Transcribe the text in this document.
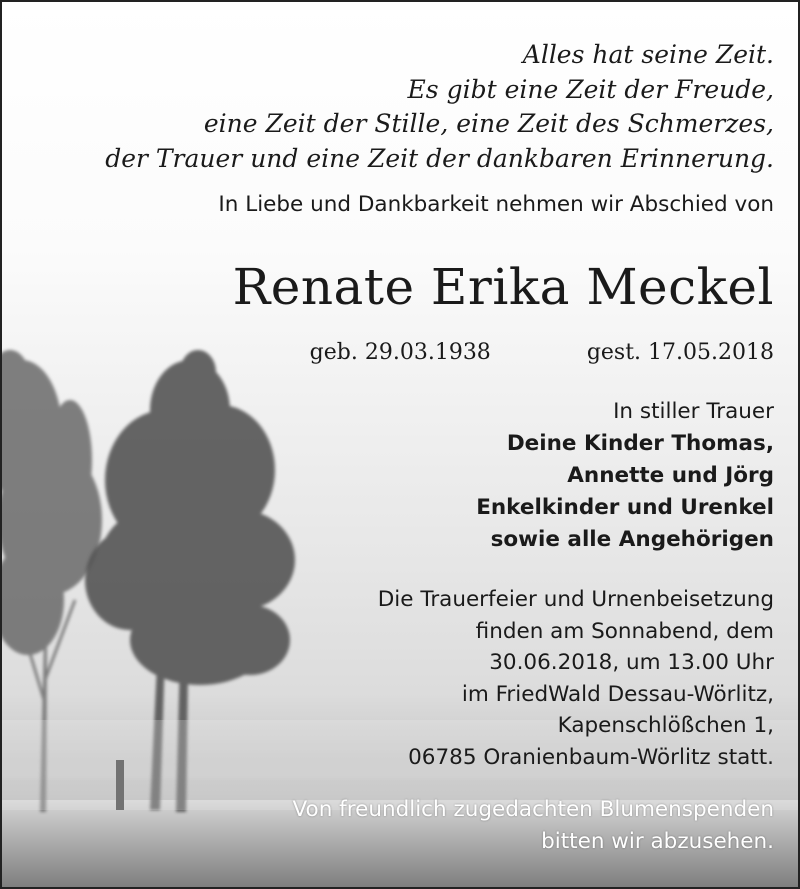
Alles hat seine Zeit.
Es gibt eine Zeit der Freude,
eine Zeit der Stille, eine Zeit des Schmerzes,
der Trauer und eine Zeit der dankbaren Erinnerung.
In Liebe und Dankbarkeit nehmen wir Abschied von
Renate Erika Meckel
geb. 29.03.1938	gest. 17.05.2018
In stiller Trauer
Deine Kinder Thomas,
Annette und Jörg
Enkelkinder und Urenkel
sowie alle Angehörigen
Die Trauerfeier und Urnenbeisetzung
finden am Sonnabend, dem
30.06.2018, um 13.00 Uhr
im FriedWald Dessau-Wörlitz,
Kapenschlößchen 1,
06785 Oranienbaum-Wörlitz statt.
Von freundlich zugedachten Blumenspenden
bitten wir abzusehen.
